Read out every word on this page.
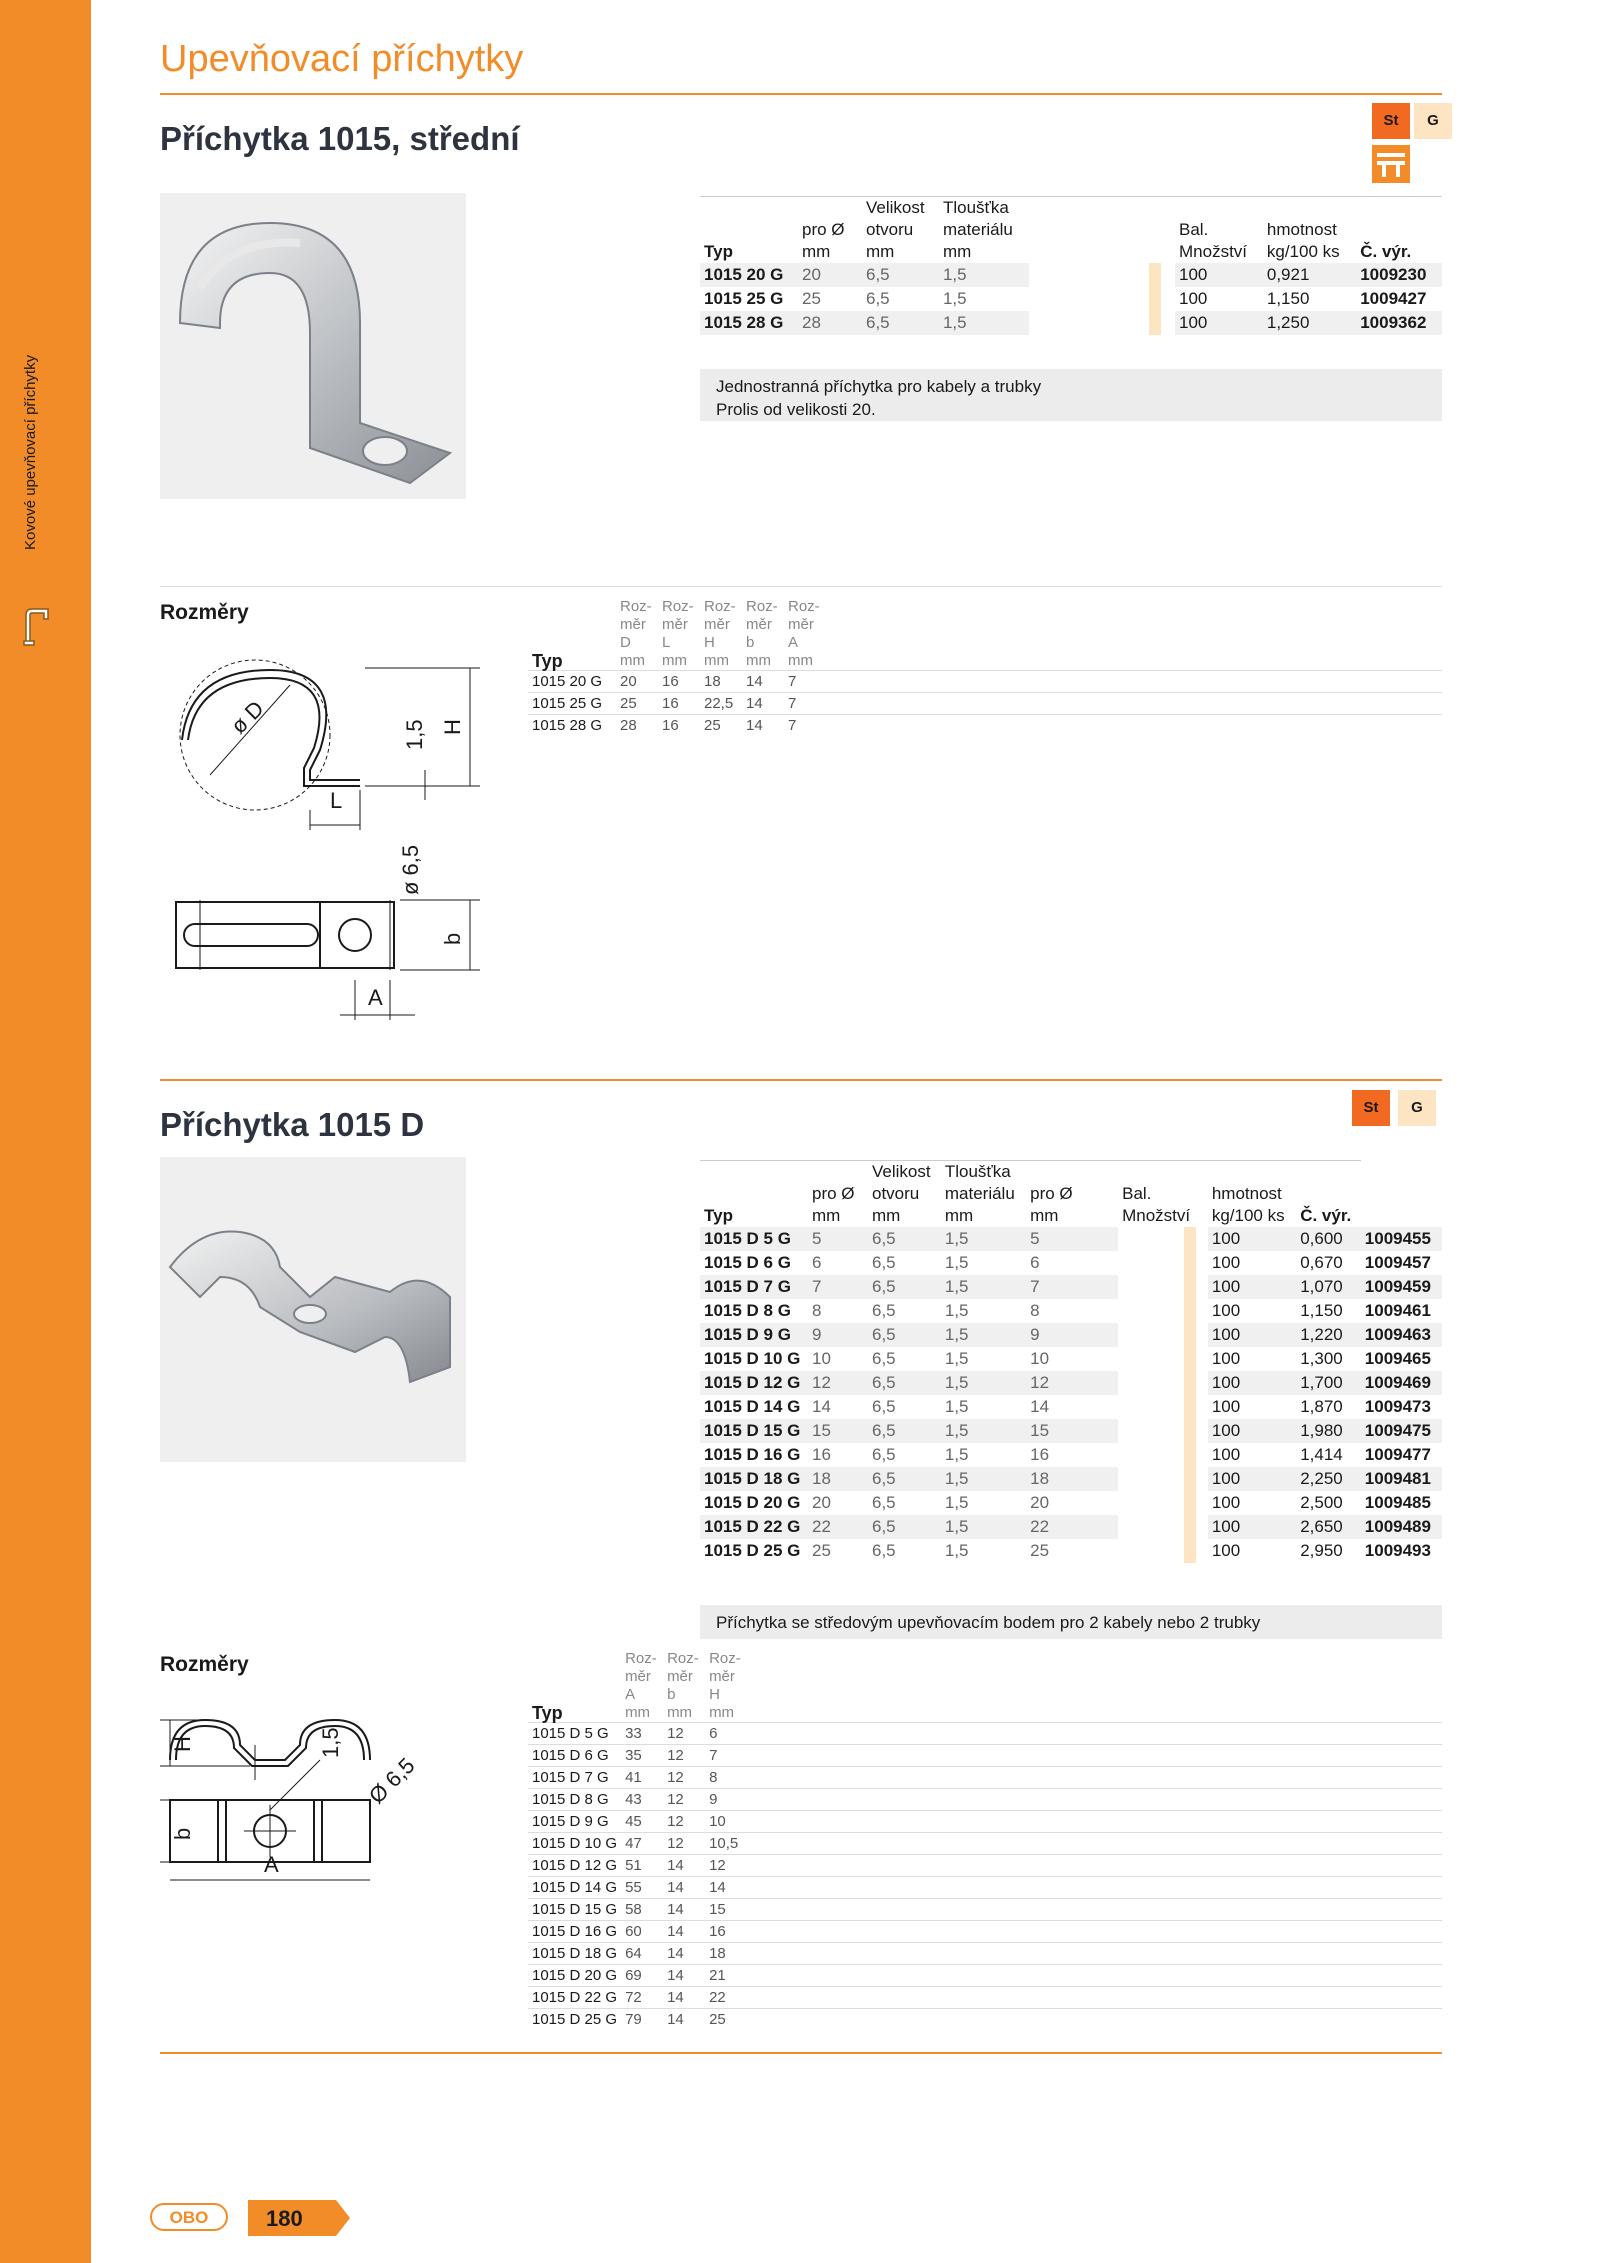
Kovové upevňovací příchytky
Upevňovací příchytky
Příchytka 1015, střední	St	G
		Velikost	Tloušťka				
	pro Ø	otvoru	materiálu		Bal.	hmotnost	
Typ	mm	mm	mm		Množství	kg/100 ks	Č. výr.
1015 20 G	20	6,5	1,5		100	0,921	1009230
1015 25 G	25	6,5	1,5		100	1,150	1009427
1015 28 G	28	6,5	1,5		100	1,250	1009362
Jednostranná příchytka pro kabely a trubky
Prolis od velikosti 20.
Rozměry
		Roz-	Roz-	Roz-	Roz-	Roz-	
	měr	měr	měr	měr	měr	
	D	L	H	b	A	
Typ	mm	mm	mm	mm	mm	
1015 20 G	20	16	18	14	7	
1015 25 G	25	16	22,5	14	7	
1015 28 G	28	16	25	14	7	
ø D	1,5 H
L
ø 6,5
b
A
Příchytka 1015 D	St	G
		Velikost	Tloušťka					
	pro Ø	otvoru	materiálu	pro Ø	Bal.	hmotnost		
Typ	mm	mm	mm	mm	Množství	kg/100 ks	Č. výr.	
1015 D 5 G	5	6,5	1,5	5		100	0,600	1009455
1015 D 6 G	6	6,5	1,5	6		100	0,670	1009457
1015 D 7 G	7	6,5	1,5	7		100	1,070	1009459
1015 D 8 G	8	6,5	1,5	8		100	1,150	1009461
1015 D 9 G	9	6,5	1,5	9		100	1,220	1009463
1015 D 10 G	10	6,5	1,5	10		100	1,300	1009465
1015 D 12 G	12	6,5	1,5	12		100	1,700	1009469
1015 D 14 G	14	6,5	1,5	14		100	1,870	1009473
1015 D 15 G	15	6,5	1,5	15		100	1,980	1009475
1015 D 16 G	16	6,5	1,5	16		100	1,414	1009477
1015 D 18 G	18	6,5	1,5	18		100	2,250	1009481
1015 D 20 G	20	6,5	1,5	20		100	2,500	1009485
1015 D 22 G	22	6,5	1,5	22		100	2,650	1009489
1015 D 25 G	25	6,5	1,5	25		100	2,950	1009493
Příchytka se středovým upevňovacím bodem pro 2 kabely nebo 2 trubky
Rozměry
		Roz-	Roz-	Roz-	
	měr	měr	měr	
	A	b	H	
Typ	mm	mm	mm	
1015 D 5 G	33	12	6	
1015 D 6 G	35	12	7	
1015 D 7 G	41	12	8	
1015 D 8 G	43	12	9	
1015 D 9 G	45	12	10	
1015 D 10 G	47	12	10,5	
1015 D 12 G	51	14	12	
1015 D 14 G	55	14	14	
1015 D 15 G	58	14	15	
1015 D 16 G	60	14	16	
1015 D 18 G	64	14	18	
1015 D 20 G	69	14	21	
1015 D 22 G	72	14	22	
1015 D 25 G	79	14	25	
H	1,5
Ø 6,5
b
A
OBO	180
